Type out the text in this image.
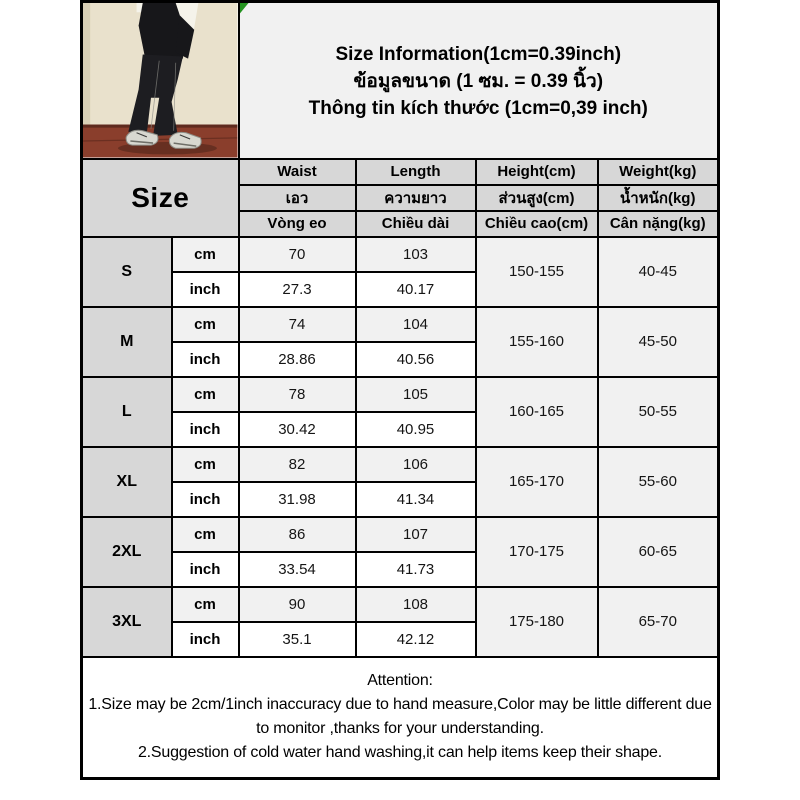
Size Information(1cm=0.39inch)
ข้อมูลขนาด (1 ซม. = 0.39 นิ้ว)
Thông tin kích thước (1cm=0,39 inch)			

Size		Waist	Length	Height(cm)	Weight(kg)
		เอว	ความยาว	ส่วนสูง(cm)	น้ำหนัก(kg)
		Vòng eo	Chiều dài	Chiều cao(cm)	Cân nặng(kg)
S	cm	70	103	150-155	40-45
	inch	27.3	40.17		
M	cm	74	104	155-160	45-50
	inch	28.86	40.56		
L	cm	78	105	160-165	50-55
	inch	30.42	40.95		
XL	cm	82	106	165-170	55-60
	inch	31.98	41.34		
2XL	cm	86	107	170-175	60-65
	inch	33.54	41.73		
3XL	cm	90	108	175-180	65-70
	inch	35.1	42.12		

Attention:
1.Size may be 2cm/1inch inaccuracy due to hand measure,Color may be little different due to monitor ,thanks for your understanding.
2.Suggestion of cold water hand washing,it can help items keep their shape.					
